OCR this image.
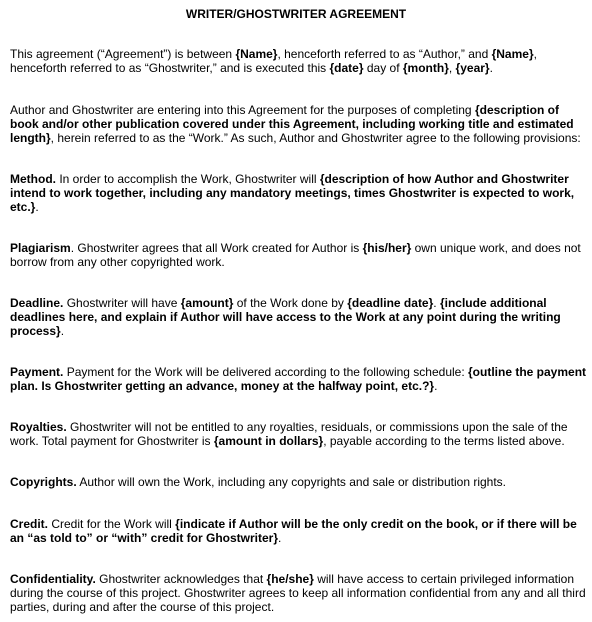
WRITER/GHOSTWRITER AGREEMENT

This agreement (“Agreement”) is between {Name}, henceforth referred to as “Author,” and {Name},
henceforth referred to as “Ghostwriter,” and is executed this {date} day of {month}, {year}.

Author and Ghostwriter are entering into this Agreement for the purposes of completing {description of book and/or other publication covered under this Agreement, including working title and estimated length}, herein referred to as the “Work.” As such, Author and Ghostwriter agree to the following provisions:

Method. In order to accomplish the Work, Ghostwriter will {description of how Author and Ghostwriter intend to work together, including any mandatory meetings, times Ghostwriter is expected to work, etc.}.

Plagiarism. Ghostwriter agrees that all Work created for Author is {his/her} own unique work, and does not borrow from any other copyrighted work.

Deadline. Ghostwriter will have {amount} of the Work done by {deadline date}. {include additional deadlines here, and explain if Author will have access to the Work at any point during the writing process}.

Payment. Payment for the Work will be delivered according to the following schedule: {outline the payment plan. Is Ghostwriter getting an advance, money at the halfway point, etc.?}.

Royalties. Ghostwriter will not be entitled to any royalties, residuals, or commissions upon the sale of the work. Total payment for Ghostwriter is {amount in dollars}, payable according to the terms listed above.

Copyrights. Author will own the Work, including any copyrights and sale or distribution rights.

Credit. Credit for the Work will {indicate if Author will be the only credit on the book, or if there will be an “as told to” or “with” credit for Ghostwriter}.

Confidentiality. Ghostwriter acknowledges that {he/she} will have access to certain privileged information during the course of this project. Ghostwriter agrees to keep all information confidential from any and all third parties, during and after the course of this project.
